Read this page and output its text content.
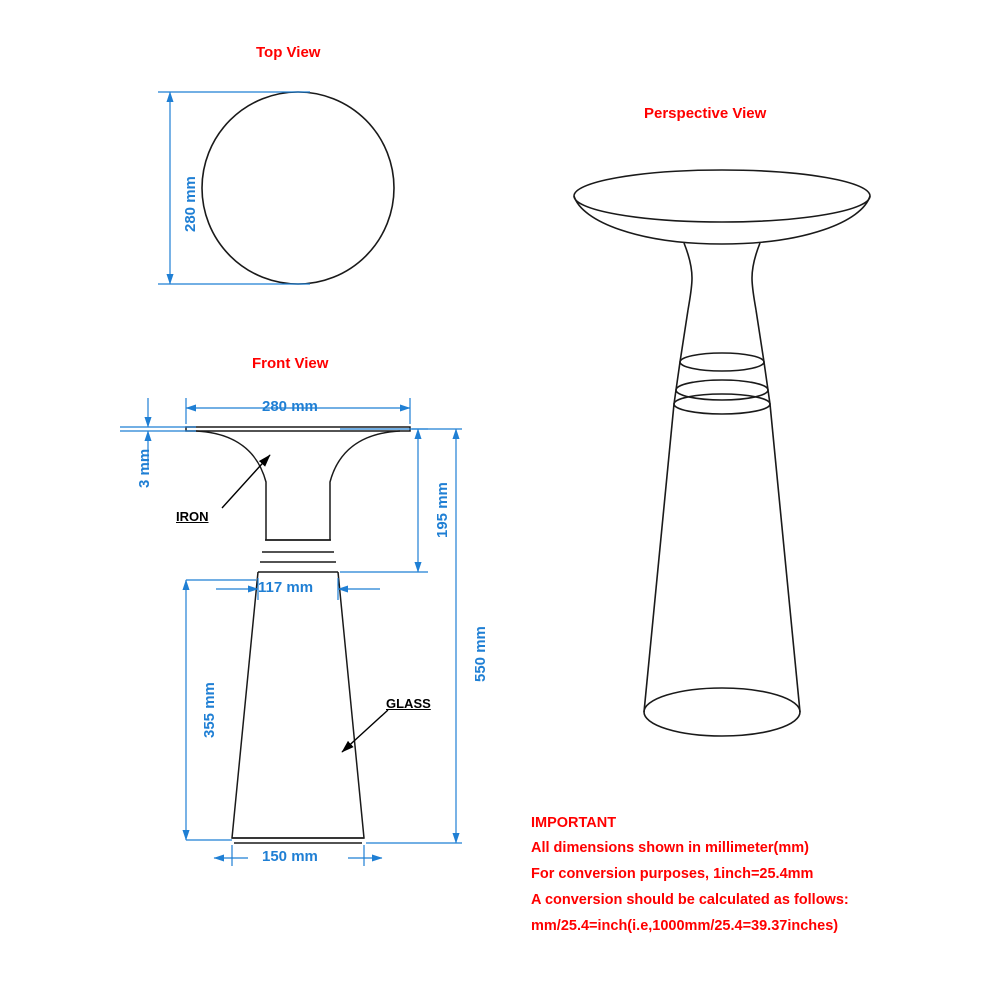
Top View
Front View
Perspective View
280 mm
280 mm
3 mm
195 mm
117 mm
355 mm
550 mm
150 mm
IRON
GLASS
IMPORTANT
All dimensions shown in millimeter(mm)
For conversion purposes, 1inch=25.4mm
A conversion should be calculated as follows:
mm/25.4=inch(i.e,1000mm/25.4=39.37inches)
